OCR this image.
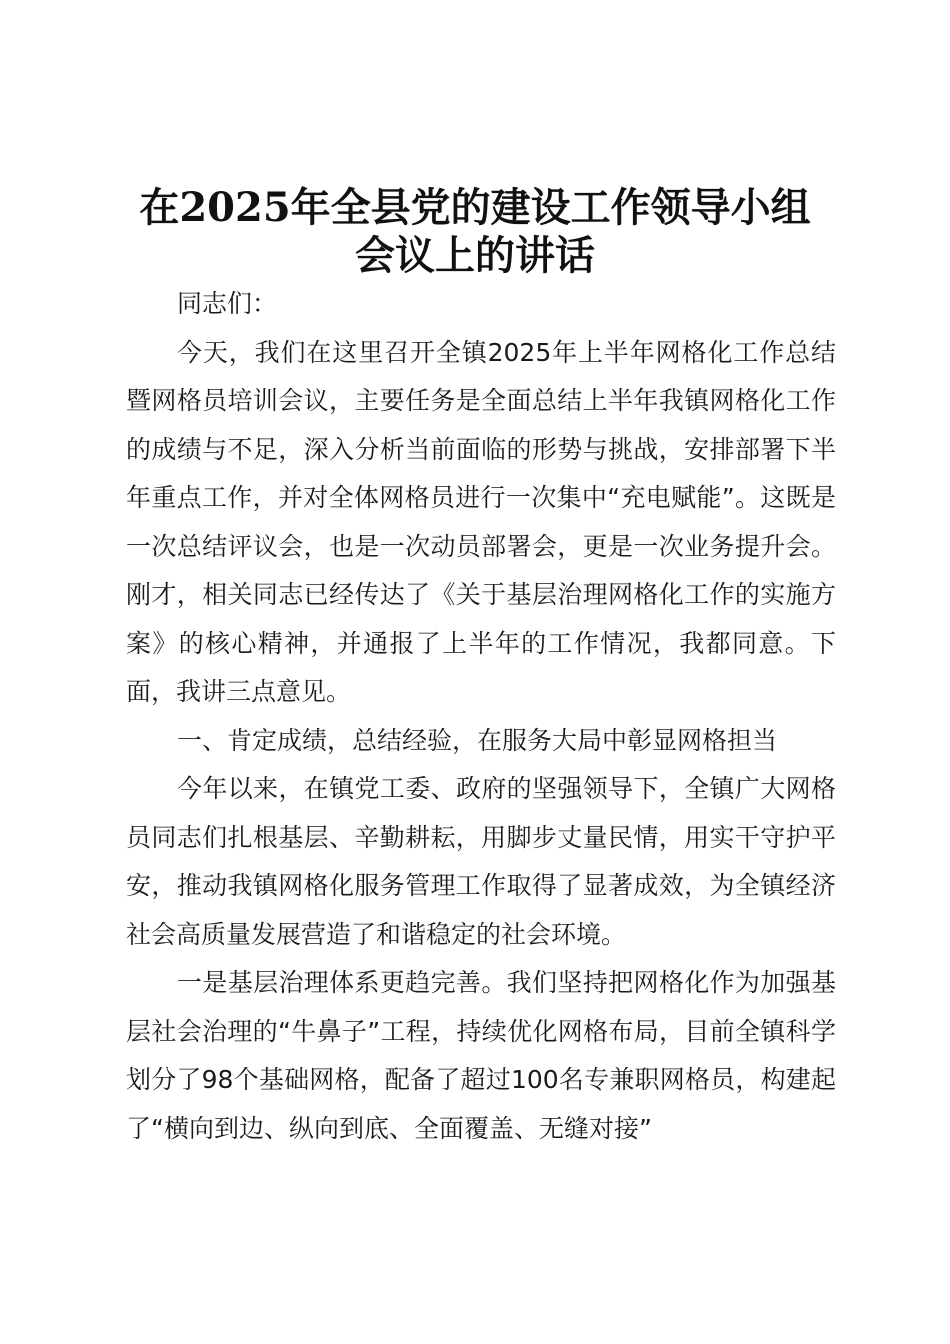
在2025年全县党的建设工作领导小组
会议上的讲话

同志们：

今天，我们在这里召开全镇2025年上半年网格化工作总结暨网格员培训会议，主要任务是全面总结上半年我镇网格化工作的成绩与不足，深入分析当前面临的形势与挑战，安排部署下半年重点工作，并对全体网格员进行一次集中“充电赋能”。这既是一次总结评议会，也是一次动员部署会，更是一次业务提升会。刚才，相关同志已经传达了《关于基层治理网格化工作的实施方案》的核心精神，并通报了上半年的工作情况，我都同意。下面，我讲三点意见。

一、肯定成绩，总结经验，在服务大局中彰显网格担当

今年以来，在镇党工委、政府的坚强领导下，全镇广大网格员同志们扎根基层、辛勤耕耘，用脚步丈量民情，用实干守护平安，推动我镇网格化服务管理工作取得了显著成效，为全镇经济社会高质量发展营造了和谐稳定的社会环境。

一是基层治理体系更趋完善。我们坚持把网格化作为加强基层社会治理的“牛鼻子”工程，持续优化网格布局，目前全镇科学划分了98个基础网格，配备了超过100名专兼职网格员，构建起了“横向到边、纵向到底、全面覆盖、无缝对接”
